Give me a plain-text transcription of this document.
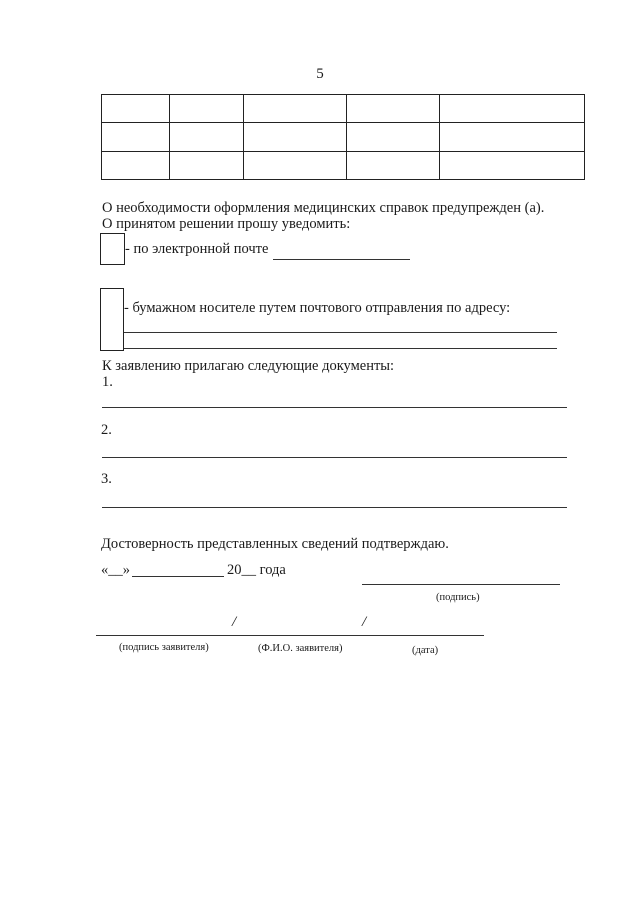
5

О необходимости оформления медицинских справок предупрежден (а).
О принятом решении прошу уведомить:
- по электронной почте
- бумажном носителе путем почтового отправления по адресу:
К заявлению прилагаю следующие документы:
1.
2.
3.
Достоверность представленных сведений подтверждаю.
«__»	20__ года
(подпись)
/	/
(подпись заявителя)	(Ф.И.О. заявителя)	(дата)
